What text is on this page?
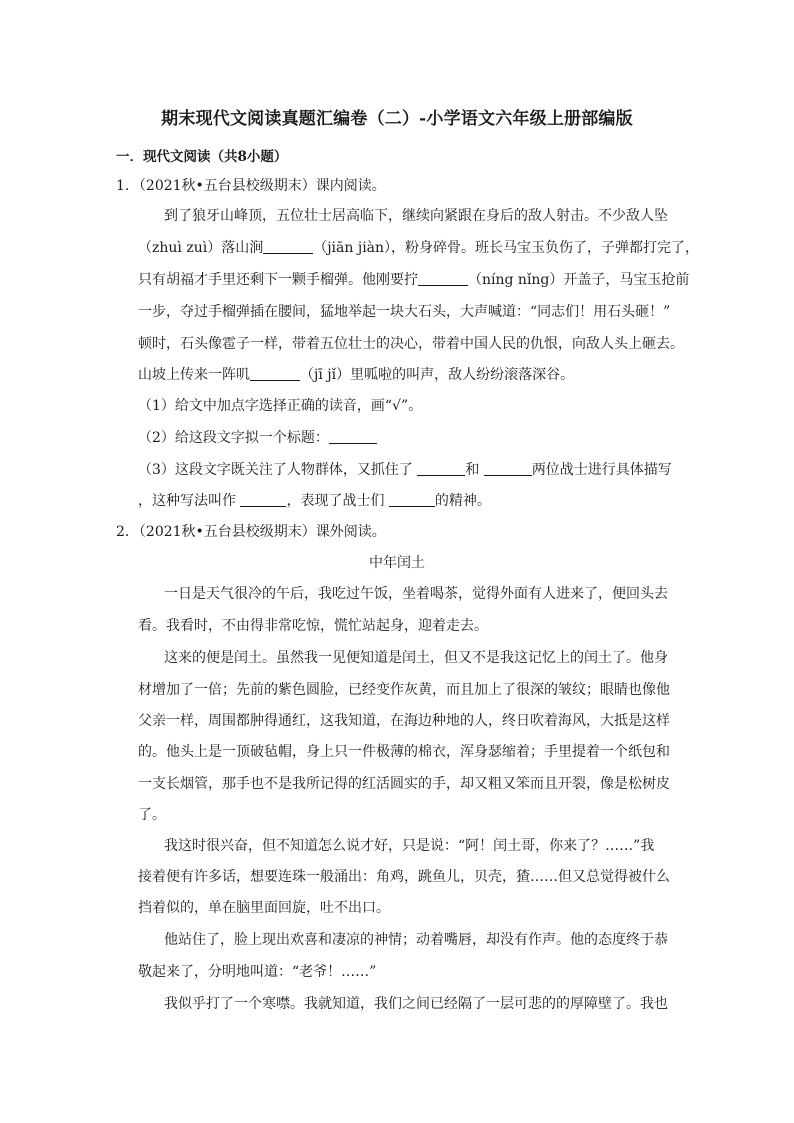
期末现代文阅读真题汇编卷（二）-小学语文六年级上册部编版
一．现代文阅读（共8小题）
1．（2021秋•五台县校级期末）课内阅读。
到了狼牙山峰顶，五位壮士居高临下，继续向紧跟在身后的敌人射击。不少敌人坠
（zhuì zuì）落山涧	（jiān jiàn），粉身碎骨。班长马宝玉负伤了，子弹都打完了，
只有胡福才手里还剩下一颗手榴弹。他刚要拧	（níng nǐng）开盖子，马宝玉抢前
一步，夺过手榴弹插在腰间，猛地举起一块大石头，大声喊道：“同志们！用石头砸！”
顿时，石头像雹子一样，带着五位壮士的决心，带着中国人民的仇恨，向敌人头上砸去。
山坡上传来一阵叽	（jī jǐ）里呱啦的叫声，敌人纷纷滚落深谷。
（1）给文中加点字选择正确的读音，画“√”。
（2）给这段文字拟一个标题：
（3）这段文字既关注了人物群体，又抓住了	和	两位战士进行具体描写
，这种写法叫作	，表现了战士们	的精神。
2．（2021秋•五台县校级期末）课外阅读。
中年闰土
一日是天气很冷的午后，我吃过午饭，坐着喝茶，觉得外面有人进来了，便回头去
看。我看时，不由得非常吃惊，慌忙站起身，迎着走去。
这来的便是闰土。虽然我一见便知道是闰土，但又不是我这记忆上的闰土了。他身
材增加了一倍；先前的紫色圆脸，已经变作灰黄，而且加上了很深的皱纹；眼睛也像他
父亲一样，周围都肿得通红，这我知道，在海边种地的人，终日吹着海风，大抵是这样
的。他头上是一顶破毡帽，身上只一件极薄的棉衣，浑身瑟缩着；手里提着一个纸包和
一支长烟管，那手也不是我所记得的红活圆实的手，却又粗又笨而且开裂，像是松树皮
了。
我这时很兴奋，但不知道怎么说才好，只是说：“阿！闰土哥，你来了？……”我
接着便有许多话，想要连珠一般涌出：角鸡，跳鱼儿，贝壳，猹……但又总觉得被什么
挡着似的，单在脑里面回旋，吐不出口。
他站住了，脸上现出欢喜和凄凉的神情；动着嘴唇，却没有作声。他的态度终于恭
敬起来了，分明地叫道：“老爷！……”
我似乎打了一个寒噤。我就知道，我们之间已经隔了一层可悲的的厚障壁了。我也
